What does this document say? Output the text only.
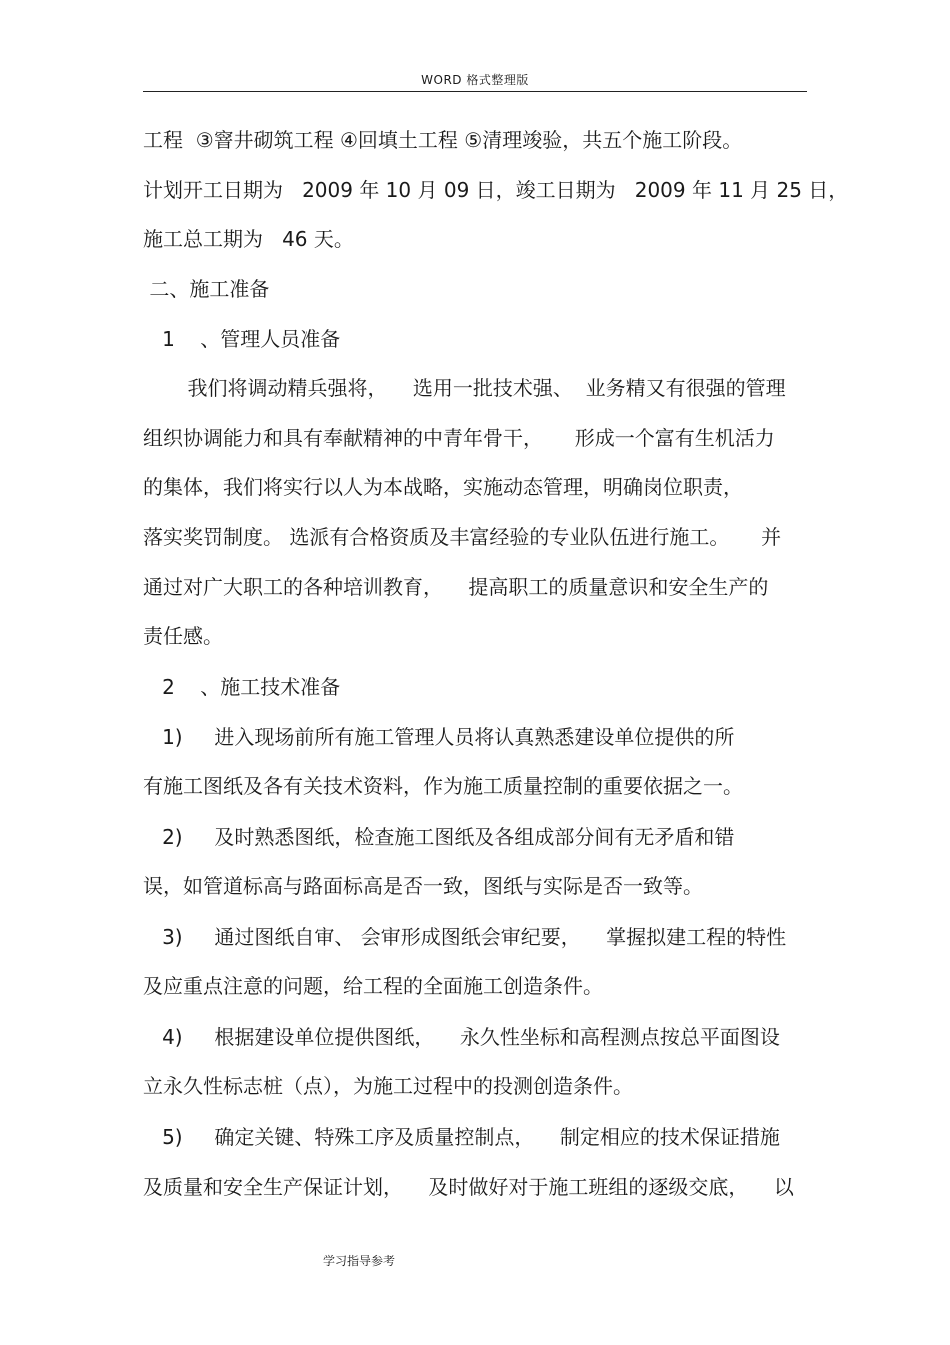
WORD 格式整理版
工程  ③窨井砌筑工程 ④回填土工程 ⑤清理竣验，共五个施工阶段。
计划开工日期为   2009 年 10 月 09 日，竣工日期为   2009 年 11 月 25 日，
施工总工期为   46 天。
二、施工准备
1    、管理人员准备
我们将调动精兵强将，    选用一批技术强、  业务精又有很强的管理
组织协调能力和具有奉献精神的中青年骨干，     形成一个富有生机活力
的集体，我们将实行以人为本战略，实施动态管理，明确岗位职责，
落实奖罚制度。 选派有合格资质及丰富经验的专业队伍进行施工。     并
通过对广大职工的各种培训教育，    提高职工的质量意识和安全生产的
责任感。
2    、施工技术准备
1)     进入现场前所有施工管理人员将认真熟悉建设单位提供的所
有施工图纸及各有关技术资料，作为施工质量控制的重要依据之一。
2)     及时熟悉图纸，检查施工图纸及各组成部分间有无矛盾和错
误，如管道标高与路面标高是否一致，图纸与实际是否一致等。
3)     通过图纸自审、 会审形成图纸会审纪要，    掌握拟建工程的特性
及应重点注意的问题，给工程的全面施工创造条件。
4)     根据建设单位提供图纸，    永久性坐标和高程测点按总平面图设
立永久性标志桩（点），为施工过程中的投测创造条件。
5)     确定关键、特殊工序及质量控制点，    制定相应的技术保证措施
及质量和安全生产保证计划，    及时做好对于施工班组的逐级交底，    以
学习指导参考
